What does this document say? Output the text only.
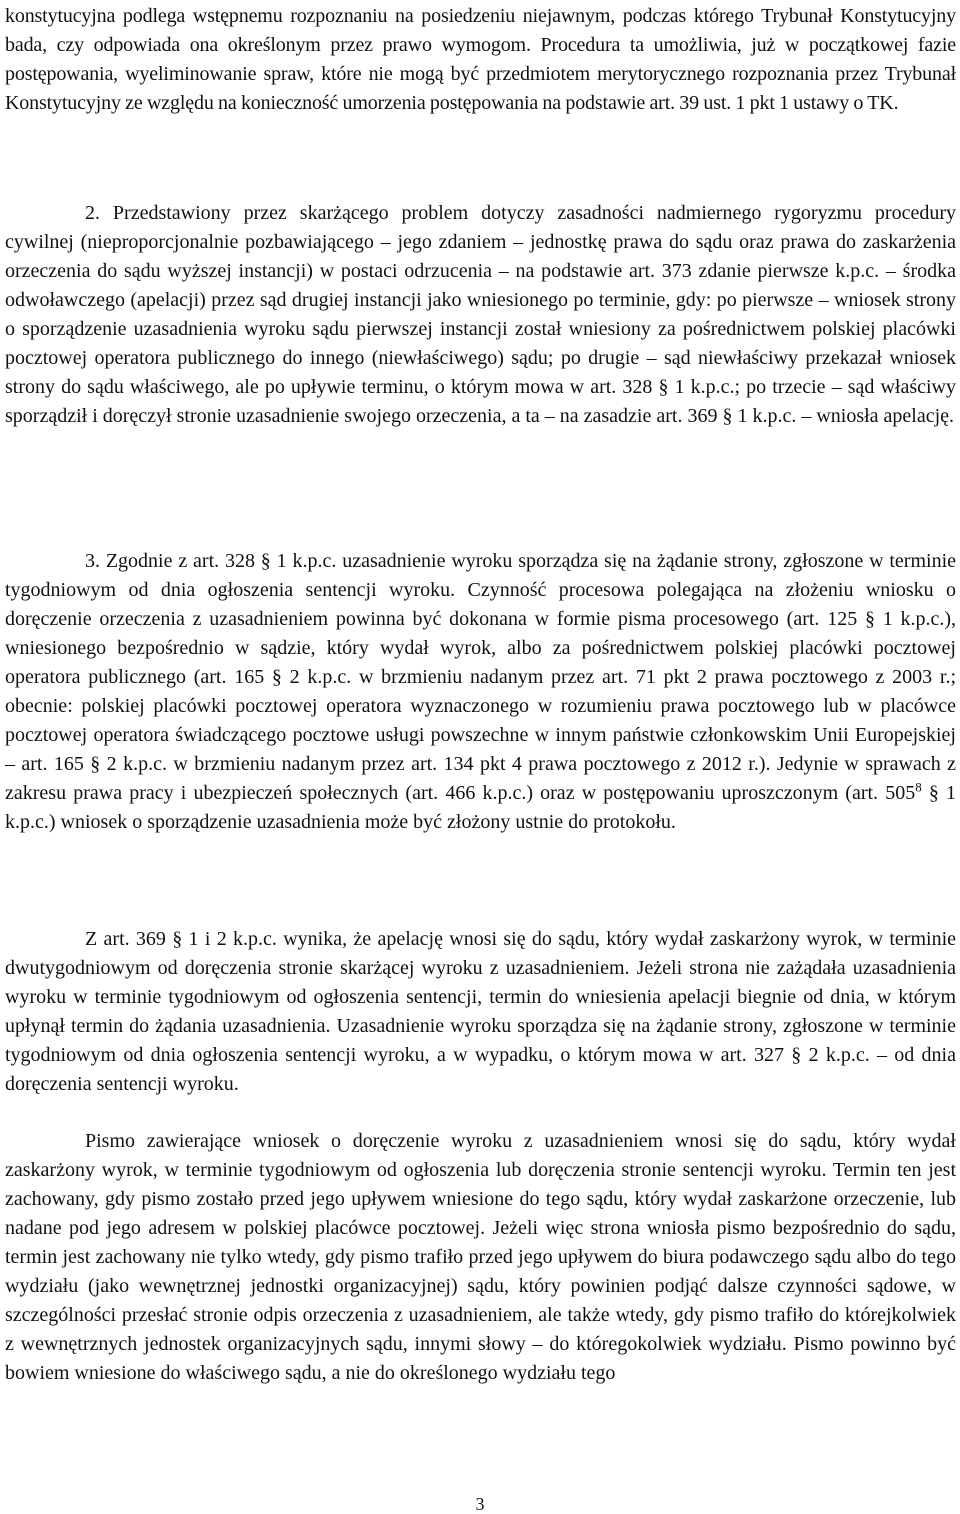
konstytucyjna podlega wstępnemu rozpoznaniu na posiedzeniu niejawnym, podczas którego Trybunał Konstytucyjny bada, czy odpowiada ona określonym przez prawo wymogom. Procedura ta umożliwia, już w początkowej fazie postępowania, wyeliminowanie spraw, które nie mogą być przedmiotem merytorycznego rozpoznania przez Trybunał Konstytucyjny ze względu na konieczność umorzenia postępowania na podstawie art. 39 ust. 1 pkt 1 ustawy o TK.

2. Przedstawiony przez skarżącego problem dotyczy zasadności nadmiernego rygoryzmu procedury cywilnej (nieproporcjonalnie pozbawiającego – jego zdaniem – jednostkę prawa do sądu oraz prawa do zaskarżenia orzeczenia do sądu wyższej instancji) w postaci odrzucenia – na podstawie art. 373 zdanie pierwsze k.p.c. – środka odwoławczego (apelacji) przez sąd drugiej instancji jako wniesionego po terminie, gdy: po pierwsze – wniosek strony o sporządzenie uzasadnienia wyroku sądu pierwszej instancji został wniesiony za pośrednictwem polskiej placówki pocztowej operatora publicznego do innego (niewłaściwego) sądu; po drugie – sąd niewłaściwy przekazał wniosek strony do sądu właściwego, ale po upływie terminu, o którym mowa w art. 328 § 1 k.p.c.; po trzecie – sąd właściwy sporządził i doręczył stronie uzasadnienie swojego orzeczenia, a ta – na zasadzie art. 369 § 1 k.p.c. – wniosła apelację.

3. Zgodnie z art. 328 § 1 k.p.c. uzasadnienie wyroku sporządza się na żądanie strony, zgłoszone w terminie tygodniowym od dnia ogłoszenia sentencji wyroku. Czynność procesowa polegająca na złożeniu wniosku o doręczenie orzeczenia z uzasadnieniem powinna być dokonana w formie pisma procesowego (art. 125 § 1 k.p.c.), wniesionego bezpośrednio w sądzie, który wydał wyrok, albo za pośrednictwem polskiej placówki pocztowej operatora publicznego (art. 165 § 2 k.p.c. w brzmieniu nadanym przez art. 71 pkt 2 prawa pocztowego z 2003 r.; obecnie: polskiej placówki pocztowej operatora wyznaczonego w rozumieniu prawa pocztowego lub w placówce pocztowej operatora świadczącego pocztowe usługi powszechne w innym państwie członkowskim Unii Europejskiej – art. 165 § 2 k.p.c. w brzmieniu nadanym przez art. 134 pkt 4 prawa pocztowego z 2012 r.). Jedynie w sprawach z zakresu prawa pracy i ubezpieczeń społecznych (art. 466 k.p.c.) oraz w postępowaniu uproszczonym (art. $505^8$ § 1 k.p.c.) wniosek o sporządzenie uzasadnienia może być złożony ustnie do protokołu.

Z art. 369 § 1 i 2 k.p.c. wynika, że apelację wnosi się do sądu, który wydał zaskarżony wyrok, w terminie dwutygodniowym od doręczenia stronie skarżącej wyroku z uzasadnieniem. Jeżeli strona nie zażądała uzasadnienia wyroku w terminie tygodniowym od ogłoszenia sentencji, termin do wniesienia apelacji biegnie od dnia, w którym upłynął termin do żądania uzasadnienia. Uzasadnienie wyroku sporządza się na żądanie strony, zgłoszone w terminie tygodniowym od dnia ogłoszenia sentencji wyroku, a w wypadku, o którym mowa w art. 327 § 2 k.p.c. – od dnia doręczenia sentencji wyroku.

Pismo zawierające wniosek o doręczenie wyroku z uzasadnieniem wnosi się do sądu, który wydał zaskarżony wyrok, w terminie tygodniowym od ogłoszenia lub doręczenia stronie sentencji wyroku. Termin ten jest zachowany, gdy pismo zostało przed jego upływem wniesione do tego sądu, który wydał zaskarżone orzeczenie, lub nadane pod jego adresem w polskiej placówce pocztowej. Jeżeli więc strona wniosła pismo bezpośrednio do sądu, termin jest zachowany nie tylko wtedy, gdy pismo trafiło przed jego upływem do biura podawczego sądu albo do tego wydziału (jako wewnętrznej jednostki organizacyjnej) sądu, który powinien podjąć dalsze czynności sądowe, w szczególności przesłać stronie odpis orzeczenia z uzasadnieniem, ale także wtedy, gdy pismo trafiło do którejkolwiek z wewnętrznych jednostek organizacyjnych sądu, innymi słowy – do któregokolwiek wydziału. Pismo powinno być bowiem wniesione do właściwego sądu, a nie do określonego wydziału tego

3
